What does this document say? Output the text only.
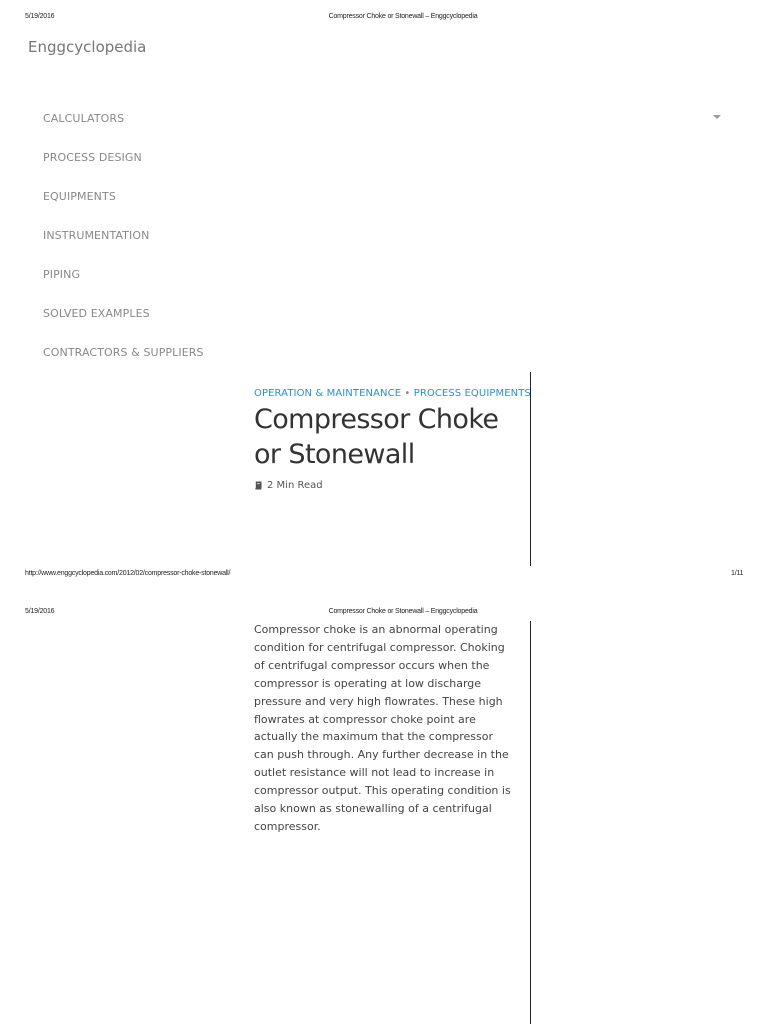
5/19/2016	Compressor Choke or Stonewall – Enggcyclopedia
Enggcyclopedia
CALCULATORS
PROCESS DESIGN
EQUIPMENTS
INSTRUMENTATION
PIPING
SOLVED EXAMPLES
CONTRACTORS & SUPPLIERS
OPERATION & MAINTENANCE • PROCESS EQUIPMENTS
Compressor Choke or Stonewall
2 Min Read
http://www.enggcyclopedia.com/2012/02/compressor-choke-stonewall/	1/11
5/19/2016	Compressor Choke or Stonewall – Enggcyclopedia

Compressor choke is an abnormal operating condition for centrifugal compressor. Choking of centrifugal compressor occurs when the compressor is operating at low discharge pressure and very high flowrates. These high flowrates at compressor choke point are actually the maximum that the compressor can push through. Any further decrease in the outlet resistance will not lead to increase in compressor output. This operating condition is also known as stonewalling of a centrifugal compressor.
